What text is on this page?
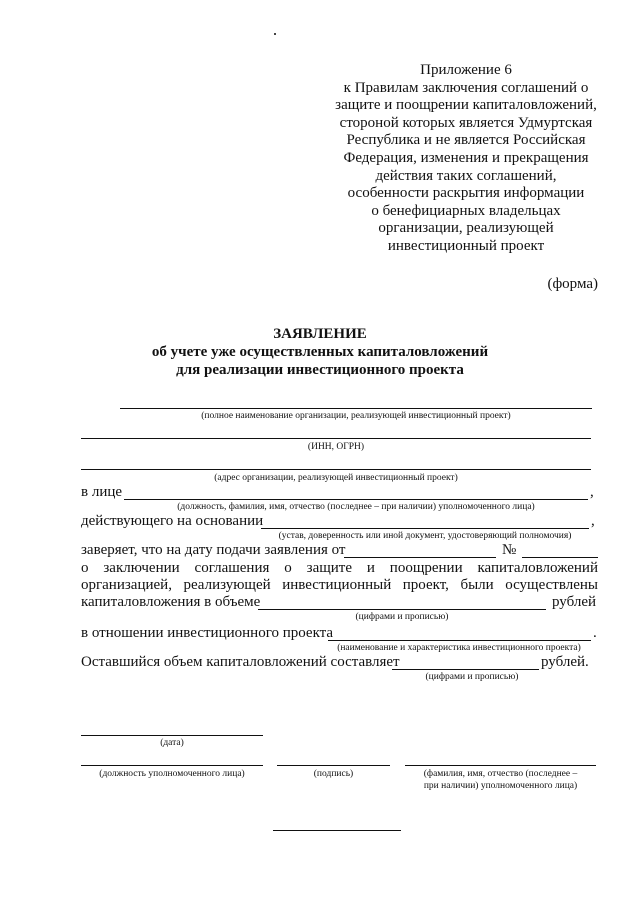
Приложение 6
к Правилам заключения соглашений о
защите и поощрении капиталовложений,
стороной которых является Удмуртская
Республика и не является Российская
Федерация, изменения и прекращения
действия таких соглашений,
особенности раскрытия информации
о бенефициарных владельцах
организации, реализующей
инвестиционный проект
(форма)
ЗАЯВЛЕНИЕ
об учете уже осуществленных капиталовложений
для реализации инвестиционного проекта
(полное наименование организации, реализующей инвестиционный проект)
(ИНН, ОГРН)
(адрес организации, реализующей инвестиционный проект)
в лице	,
(должность, фамилия, имя, отчество (последнее – при наличии) уполномоченного лица)
действующего на основании	,
(устав, доверенность или иной документ, удостоверяющий полномочия)
заверяет, что на дату подачи заявления от	№
о заключении соглашения о защите и поощрении капиталовложений
организацией, реализующей инвестиционный проект, были осуществлены
капиталовложения в объеме	рублей
(цифрами и прописью)
в отношении инвестиционного проекта	.
(наименование и характеристика инвестиционного проекта)
Оставшийся объем капиталовложений составляет	рублей.
(цифрами и прописью)
(дата)
(должность уполномоченного лица)	(подпись)	(фамилия, имя, отчество (последнее –
при наличии) уполномоченного лица)
